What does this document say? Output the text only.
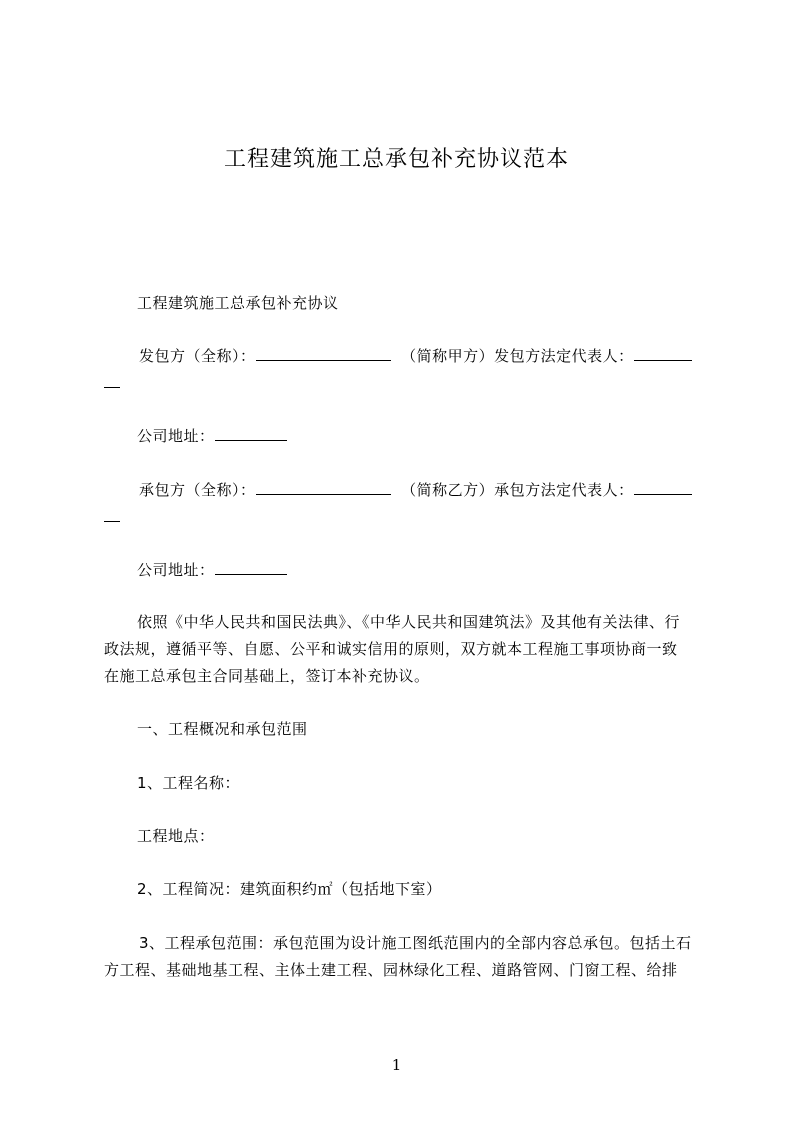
工程建筑施工总承包补充协议范本
工程建筑施工总承包补充协议
发包方（全称）：	（简称甲方）发包方法定代表人：
公司地址：
承包方（全称）：	（简称乙方）承包方法定代表人：
公司地址：
依照《中华人民共和国民法典》、《中华人民共和国建筑法》及其他有关法律、行
政法规，遵循平等、自愿、公平和诚实信用的原则，双方就本工程施工事项协商一致
在施工总承包主合同基础上，签订本补充协议。
一、工程概况和承包范围
1、工程名称：
工程地点：
2、工程简况：建筑面积约㎡（包括地下室）
3、工程承包范围：承包范围为设计施工图纸范围内的全部内容总承包。包括土石
方工程、基础地基工程、主体土建工程、园林绿化工程、道路管网、门窗工程、给排
1
